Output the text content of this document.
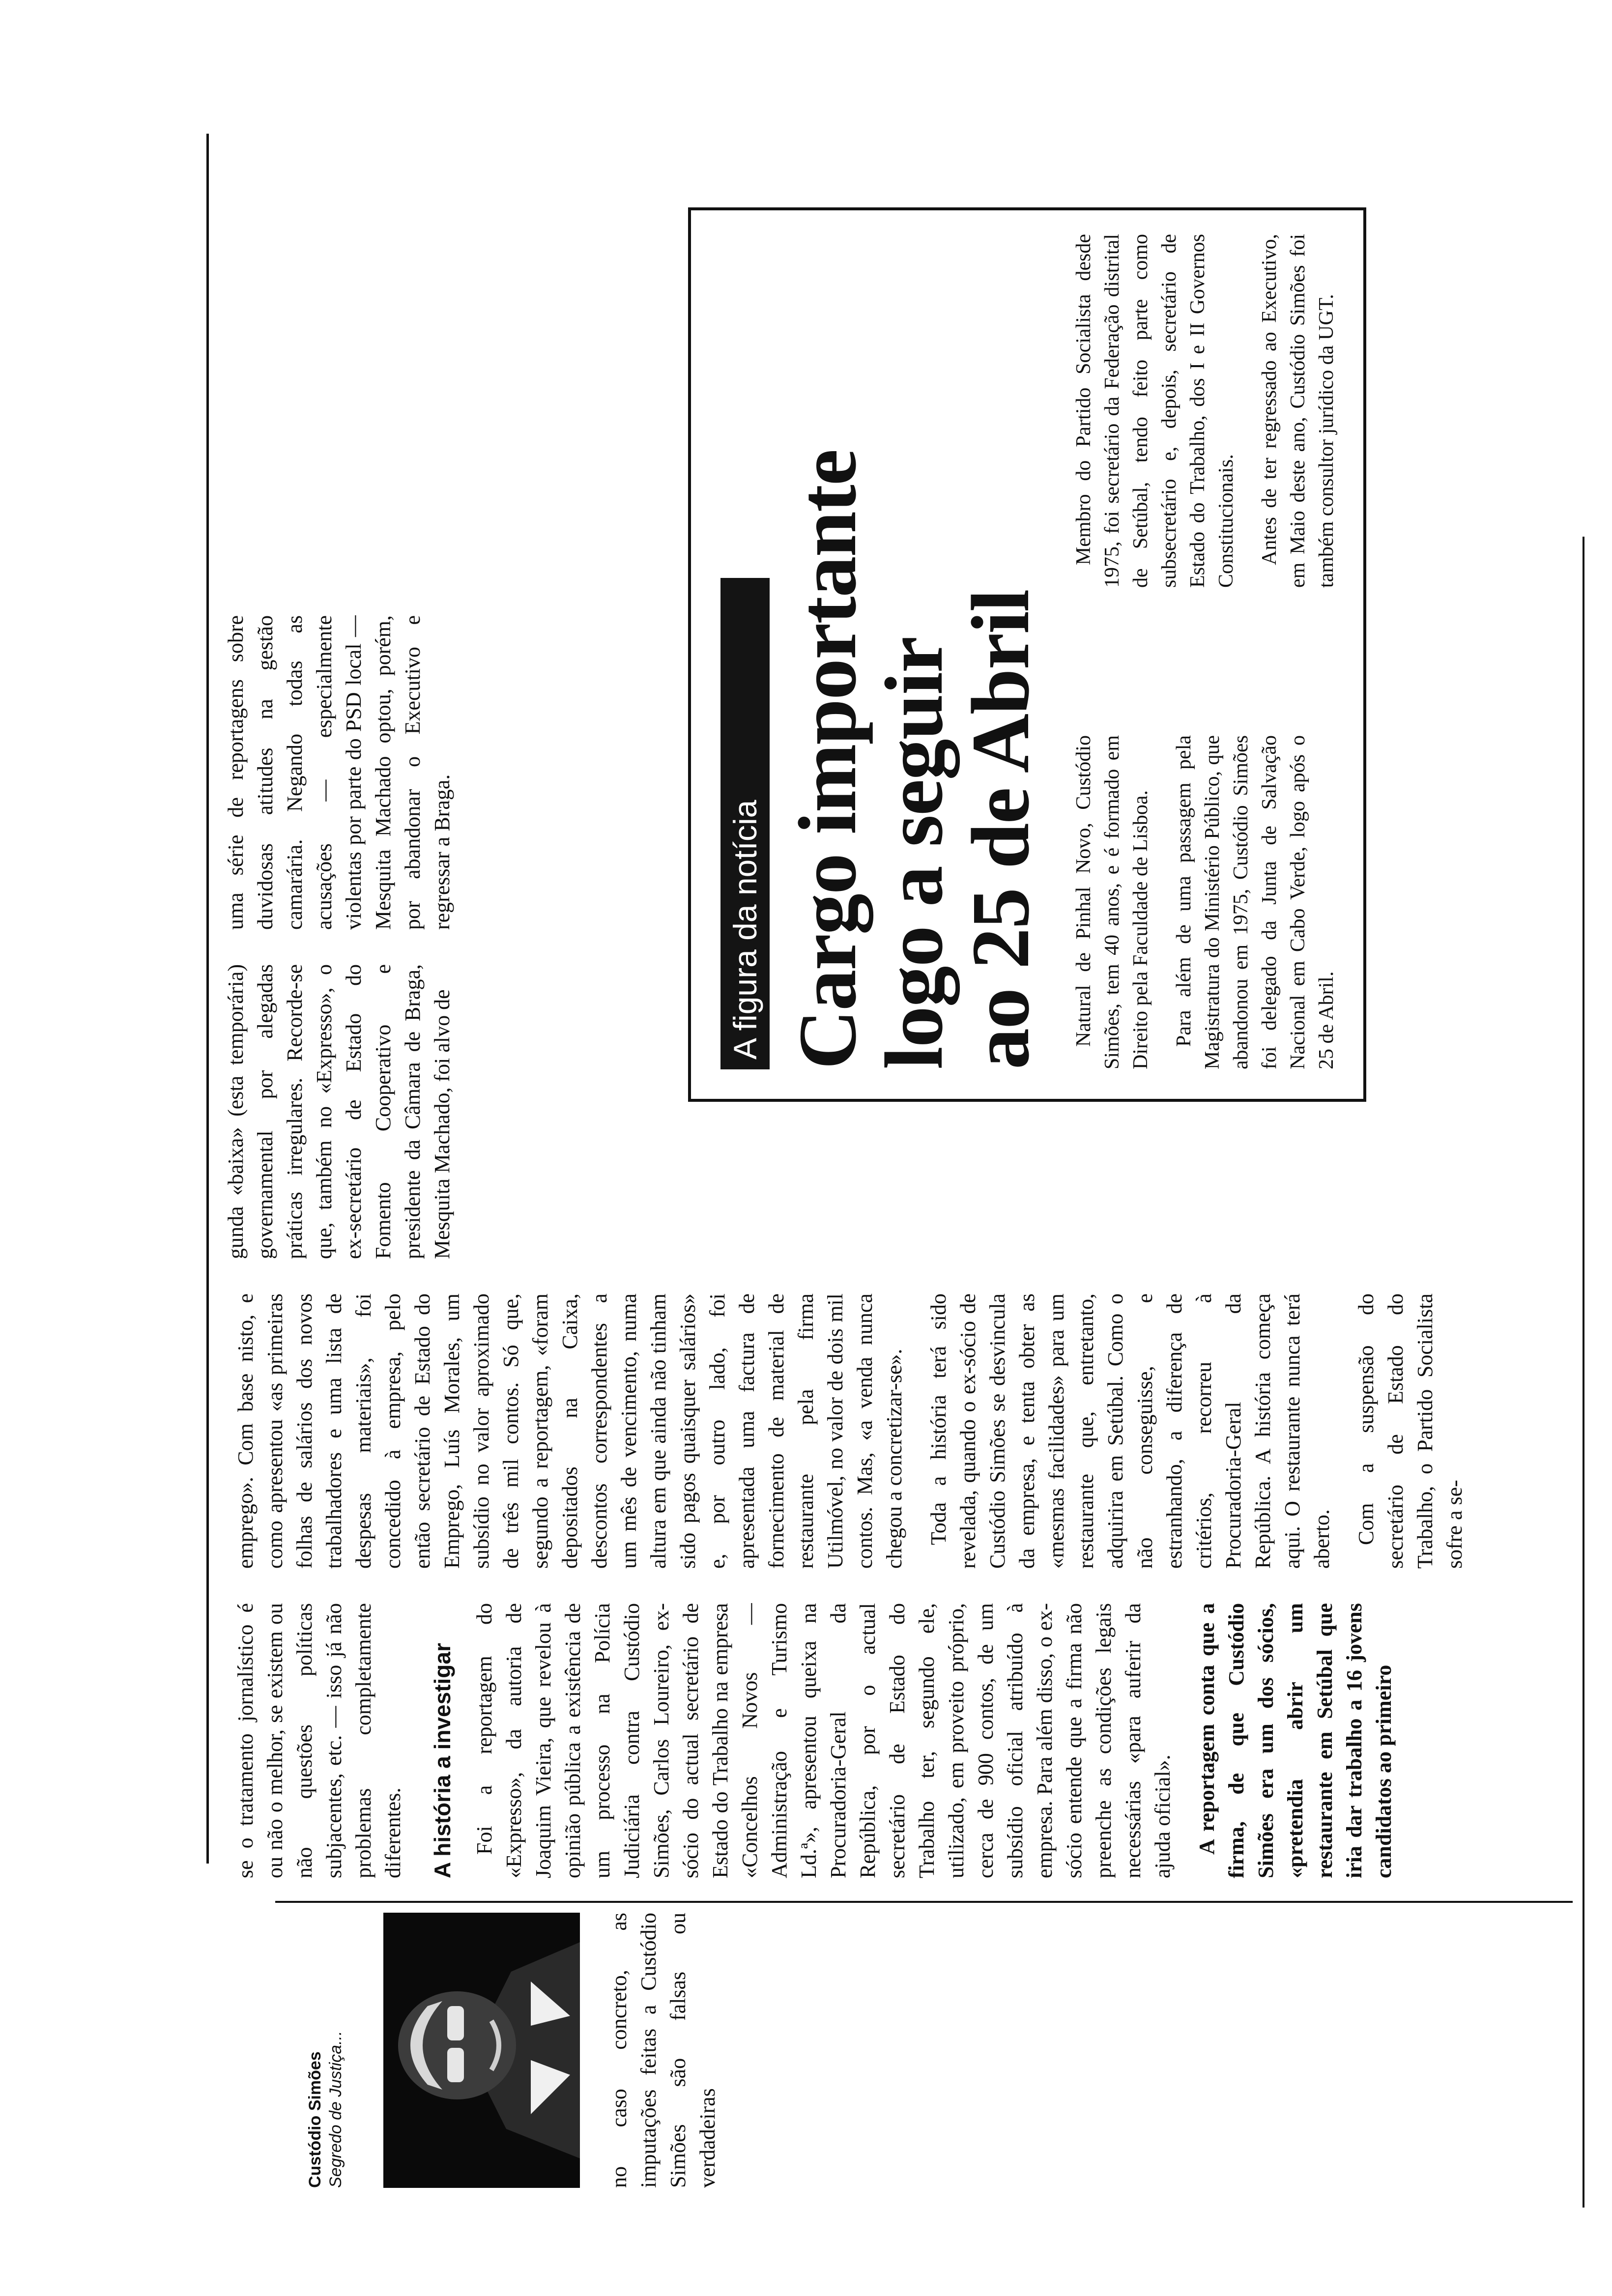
Custódio Simões Segredo de Justiça...	no caso concreto, as imputações feitas a Custódio Simões são falsas ou verdadeiras

se o tratamento jornalístico é ou não o melhor, se existem ou não questões políticas subjacentes, etc. — isso já não problemas completamente diferentes. A história a investigar Foi a reportagem do «Expresso», da autoria de Joaquim Vieira, que revelou à opinião pública a existência de um processo na Polícia Judiciária contra Custódio Simões, Carlos Loureiro, ex-sócio do actual secretário de Estado do Trabalho na empresa «Concelhos Novos — Administração e Turismo Ld.ª», apresentou queixa na Procuradoria-Geral da República, por o actual secretário de Estado do Trabalho ter, segundo ele, utilizado, em proveito próprio, cerca de 900 contos, de um subsídio oficial atribuído à empresa. Para além disso, o ex-sócio entende que a firma não preenche as condições legais necessárias «para auferir da ajuda oficial». A reportagem conta que a firma, de que Custódio Simões era um dos sócios, «pretendia abrir um restaurante em Setúbal que iria dar trabalho a 16 jovens candidatos ao primeiro

emprego». Com base nisto, e como apresentou «as primeiras folhas de salários dos novos trabalhadores e uma lista de despesas materiais», foi concedido à empresa, pelo então secretário de Estado do Emprego, Luís Morales, um subsídio no valor aproximado de três mil contos. Só que, segundo a reportagem, «foram depositados na Caixa, descontos correspondentes a um mês de vencimento, numa altura em que ainda não tinham sido pagos quaisquer salários» e, por outro lado, foi apresentada uma factura de fornecimento de material de restaurante pela firma Utilmóvel, no valor de dois mil contos. Mas, «a venda nunca chegou a concretizar-se». Toda a história terá sido revelada, quando o ex-sócio de Custódio Simões se desvincula da empresa, e tenta obter as «mesmas facilidades» para um restaurante que, entretanto, adquirira em Setúbal. Como o não conseguisse, e estranhando, a diferença de critérios, recorreu à Procuradoria-Geral da República. A história começa aqui. O restaurante nunca terá aberto. Com a suspensão do secretário de Estado do Trabalho, o Partido Socialista sofre a se-

gunda «baixa» (esta temporária) governamental por alegadas práticas irregulares. Recorde-se que, também no «Expresso», o ex-secretário de Estado do Fomento Cooperativo e presidente da Câmara de Braga, Mesquita Machado, foi alvo de

uma série de reportagens sobre duvidosas atitudes na gestão camarária. Negando todas as acusações — especialmente violentas por parte do PSD local — Mesquita Machado optou, porém, por abandonar o Executivo e regressar a Braga.	A figura da notícia Cargo importante
logo a seguir
ao 25 de Abril Natural de Pinhal Novo, Custódio Simões, tem 40 anos, e é formado em Direito pela Faculdade de Lisboa. Para além de uma passagem pela Magistratura do Ministério Público, que abandonou em 1975, Custódio Simões foi delegado da Junta de Salvação Nacional em Cabo Verde, logo após o 25 de Abril.

Membro do Partido Socialista desde 1975, foi secretário da Federação distrital de Setúbal, tendo feito parte como subsecretário e, depois, secretário de Estado do Trabalho, dos I e II Governos Constitucionais. Antes de ter regressado ao Executivo, em Maio deste ano, Custódio Simões foi também consultor jurídico da UGT.
